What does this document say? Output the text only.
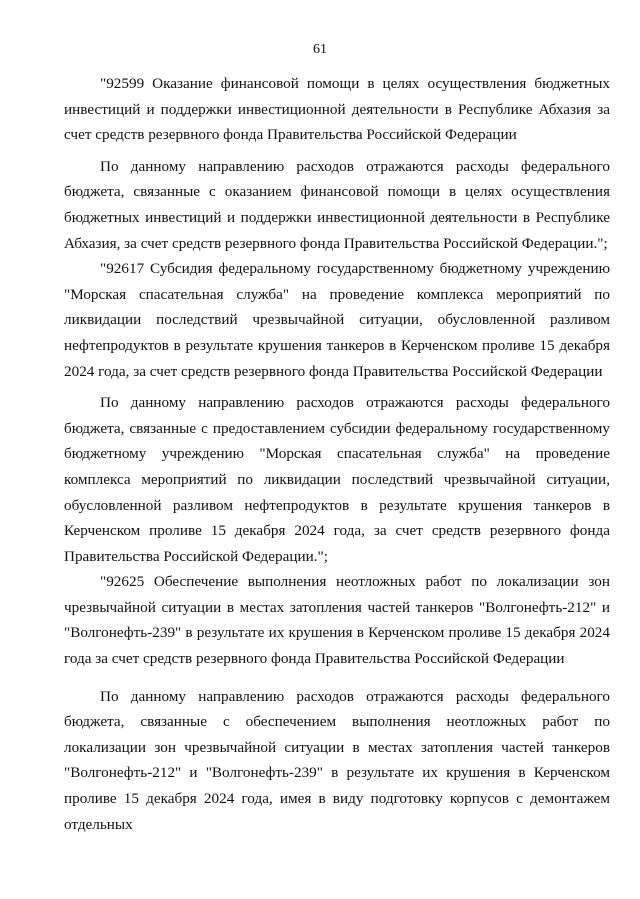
61

"92599 Оказание финансовой помощи в целях осуществления бюджетных инвестиций и поддержки инвестиционной деятельности в Республике Абхазия за счет средств резервного фонда Правительства Российской Федерации

По данному направлению расходов отражаются расходы федерального бюджета, связанные с оказанием финансовой помощи в целях осуществления бюджетных инвестиций и поддержки инвестиционной деятельности в Республике Абхазия, за счет средств резервного фонда Правительства Российской Федерации.";

"92617 Субсидия федеральному государственному бюджетному учреждению "Морская спасательная служба" на проведение комплекса мероприятий по ликвидации последствий чрезвычайной ситуации, обусловленной разливом нефтепродуктов в результате крушения танкеров в Керченском проливе 15 декабря 2024 года, за счет средств резервного фонда Правительства Российской Федерации

По данному направлению расходов отражаются расходы федерального бюджета, связанные с предоставлением субсидии федеральному государственному бюджетному учреждению "Морская спасательная служба" на проведение комплекса мероприятий по ликвидации последствий чрезвычайной ситуации, обусловленной разливом нефтепродуктов в результате крушения танкеров в Керченском проливе 15 декабря 2024 года, за счет средств резервного фонда Правительства Российской Федерации.";

"92625 Обеспечение выполнения неотложных работ по локализации зон чрезвычайной ситуации в местах затопления частей танкеров "Волгонефть-212" и "Волгонефть-239" в результате их крушения в Керченском проливе 15 декабря 2024 года за счет средств резервного фонда Правительства Российской Федерации

По данному направлению расходов отражаются расходы федерального бюджета, связанные с обеспечением выполнения неотложных работ по локализации зон чрезвычайной ситуации в местах затопления частей танкеров "Волгонефть-212" и "Волгонефть-239" в результате их крушения в Керченском проливе 15 декабря 2024 года, имея в виду подготовку корпусов с демонтажем отдельных
